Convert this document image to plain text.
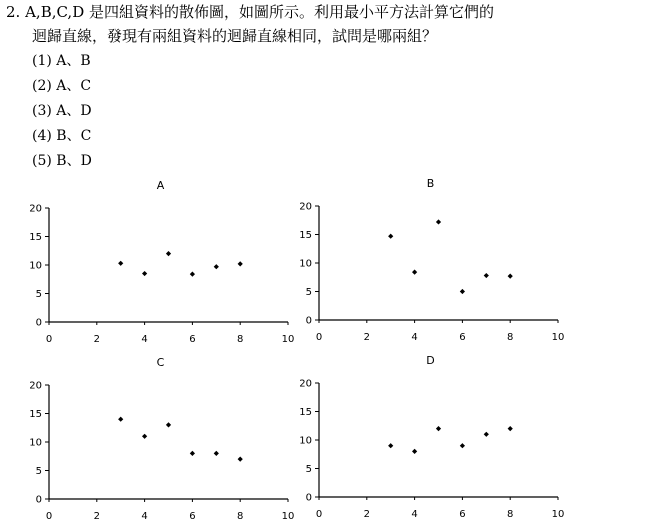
2. A,B,C,D 是四組資料的散佈圖，如圖所示。利用最小平方法計算它們的
迴歸直線，發現有兩組資料的迴歸直線相同，試問是哪兩組？
(1) A、B
(2) A、C
(3) A、D
(4) B、C
(5) B、D
A
0
5
10
15
20
0	2	4	6	8	10
B
0
5
10
15
20
0	2	4	6	8	10
C
0
5
10
15
20
0	2	4	6	8	10
D
0
5
10
15
20
0	2	4	6	8	10
